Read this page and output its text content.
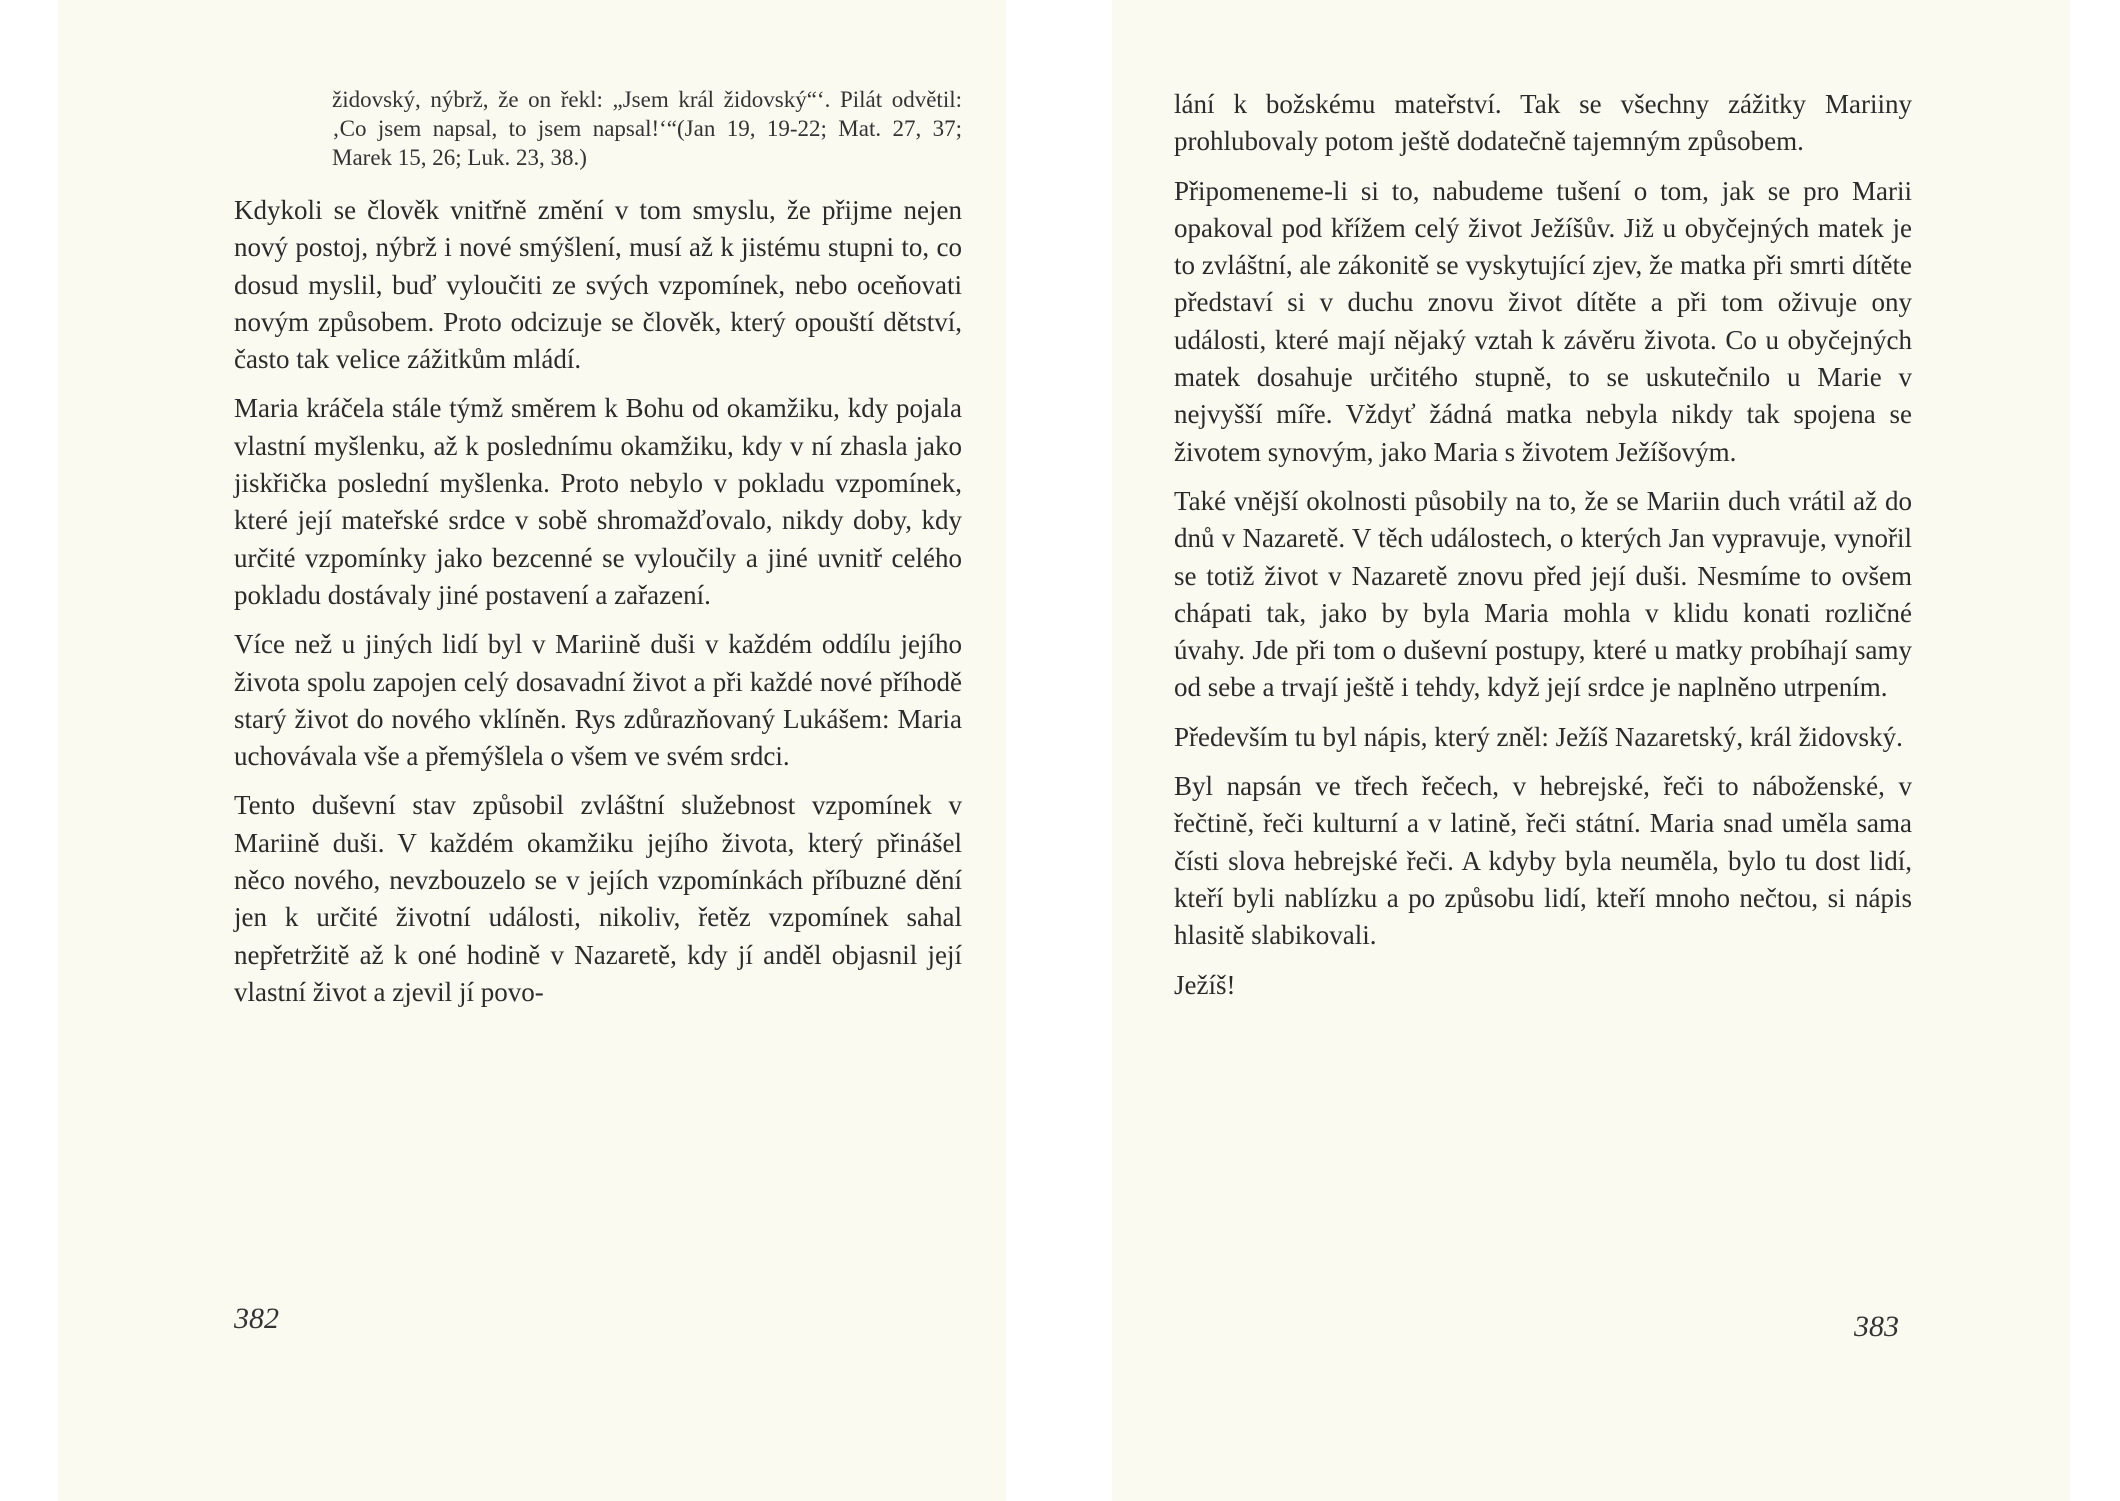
židovský, nýbrž, že on řekl: „Jsem král židovský“‘. Pilát odvětil: ‚Co jsem napsal, to jsem napsal!‘“(Jan 19, 19-22; Mat. 27, 37; Marek 15, 26; Luk. 23, 38.)

Kdykoli se člověk vnitřně změní v tom smyslu, že přijme nejen nový postoj, nýbrž i nové smýšlení, musí až k jistému stupni to, co dosud myslil, buď vyloučiti ze svých vzpomínek, nebo oceňovati novým způsobem. Proto odcizuje se člověk, který opouští dětství, často tak velice zážitkům mládí.

Maria kráčela stále týmž směrem k Bohu od okamžiku, kdy pojala vlastní myšlenku, až k poslednímu okamžiku, kdy v ní zhasla jako jiskřička poslední myšlenka. Proto nebylo v pokladu vzpomínek, které její mateřské srdce v sobě shromažďovalo, nikdy doby, kdy určité vzpomínky jako bezcenné se vyloučily a jiné uvnitř celého pokladu dostávaly jiné postavení a zařazení.

Více než u jiných lidí byl v Mariině duši v každém oddílu jejího života spolu zapojen celý dosavadní život a při každé nové příhodě starý život do nového vklíněn. Rys zdůrazňovaný Lukášem: Maria uchovávala vše a přemýšlela o všem ve svém srdci.

Tento duševní stav způsobil zvláštní služebnost vzpomínek v Mariině duši. V každém okamžiku jejího života, který přinášel něco nového, nevzbouzelo se v jejích vzpomínkách příbuzné dění jen k určité životní události, nikoliv, řetěz vzpomínek sahal nepřetržitě až k oné hodině v Nazaretě, kdy jí anděl objasnil její vlastní život a zjevil jí povo-

382

lání k božskému mateřství. Tak se všechny zážitky Mariiny prohlubovaly potom ještě dodatečně tajemným způsobem.

Připomeneme-li si to, nabudeme tušení o tom, jak se pro Marii opakoval pod křížem celý život Ježíšův. Již u obyčejných matek je to zvláštní, ale zákonitě se vyskytující zjev, že matka při smrti dítěte představí si v duchu znovu život dítěte a při tom oživuje ony události, které mají nějaký vztah k závěru života. Co u obyčejných matek dosahuje určitého stupně, to se uskutečnilo u Marie v nejvyšší míře. Vždyť žádná matka nebyla nikdy tak spojena se životem synovým, jako Maria s životem Ježíšovým.

Také vnější okolnosti působily na to, že se Mariin duch vrátil až do dnů v Nazaretě. V těch událostech, o kterých Jan vypravuje, vynořil se totiž život v Nazaretě znovu před její duši. Nesmíme to ovšem chápati tak, jako by byla Maria mohla v klidu konati rozličné úvahy. Jde při tom o duševní postupy, které u matky probíhají samy od sebe a trvají ještě i tehdy, když její srdce je naplněno utrpením.

Především tu byl nápis, který zněl: Ježíš Nazaretský, král židovský.

Byl napsán ve třech řečech, v hebrejské, řeči to náboženské, v řečtině, řeči kulturní a v latině, řeči státní. Maria snad uměla sama čísti slova hebrejské řeči. A kdyby byla neuměla, bylo tu dost lidí, kteří byli nablízku a po způsobu lidí, kteří mnoho nečtou, si nápis hlasitě slabikovali.

Ježíš!

383
